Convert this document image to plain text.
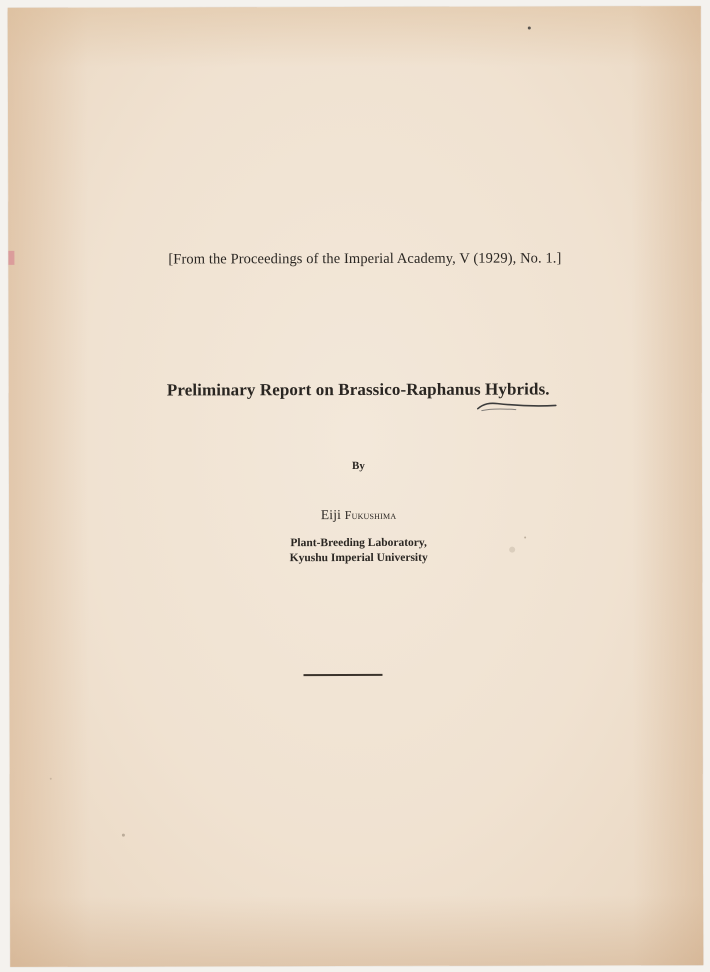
[From the Proceedings of the Imperial Academy, V (1929), No. 1.]
Preliminary Report on Brassico-Raphanus Hybrids.
By
Eiji Fukushima
Plant-Breeding Laboratory,
Kyushu Imperial University
